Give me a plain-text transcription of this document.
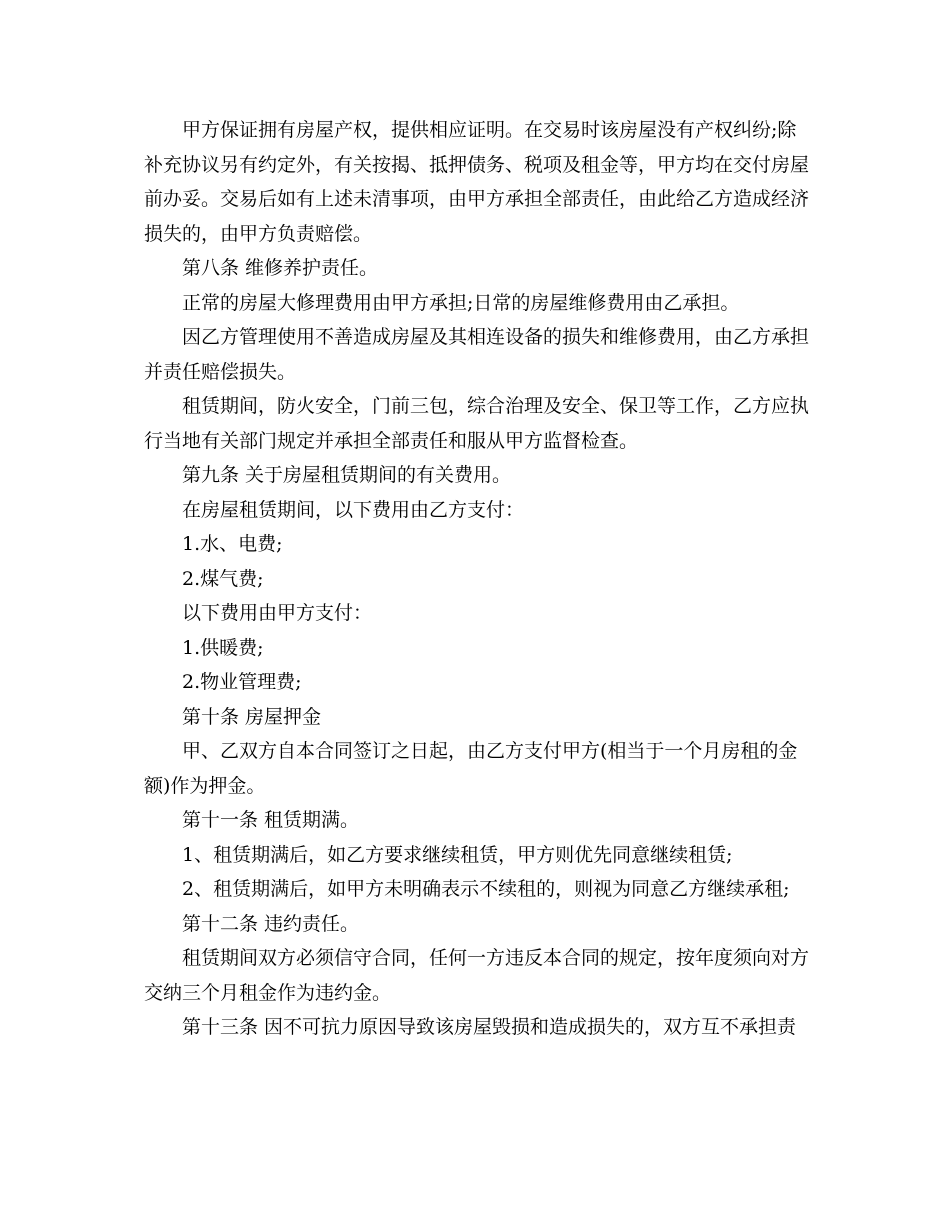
甲方保证拥有房屋产权，提供相应证明。在交易时该房屋没有产权纠纷;除补充协议另有约定外，有关按揭、抵押债务、税项及租金等，甲方均在交付房屋前办妥。交易后如有上述未清事项，由甲方承担全部责任，由此给乙方造成经济损失的，由甲方负责赔偿。

第八条 维修养护责任。

正常的房屋大修理费用由甲方承担;日常的房屋维修费用由乙承担。

因乙方管理使用不善造成房屋及其相连设备的损失和维修费用，由乙方承担并责任赔偿损失。

租赁期间，防火安全，门前三包，综合治理及安全、保卫等工作，乙方应执行当地有关部门规定并承担全部责任和服从甲方监督检查。

第九条 关于房屋租赁期间的有关费用。

在房屋租赁期间，以下费用由乙方支付：

1.水、电费;

2.煤气费;

以下费用由甲方支付：

1.供暖费;

2.物业管理费;

第十条 房屋押金

甲、乙双方自本合同签订之日起，由乙方支付甲方(相当于一个月房租的金额)作为押金。

第十一条 租赁期满。

1、租赁期满后，如乙方要求继续租赁，甲方则优先同意继续租赁;

2、租赁期满后，如甲方未明确表示不续租的，则视为同意乙方继续承租;

第十二条 违约责任。

租赁期间双方必须信守合同，任何一方违反本合同的规定，按年度须向对方交纳三个月租金作为违约金。

第十三条 因不可抗力原因导致该房屋毁损和造成损失的，双方互不承担责
